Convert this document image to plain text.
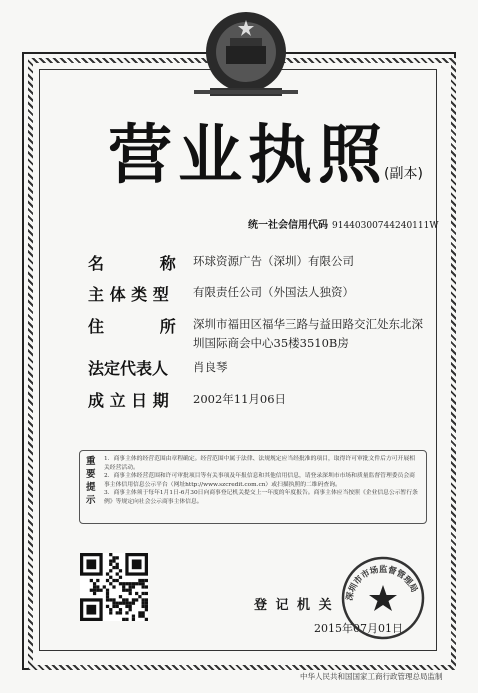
营业执照
(副本)
统一社会信用代码 91440300744240111W
名          称 环球资源广告（深圳）有限公司
主 体 类 型 有限责任公司（外国法人独资）
住          所 深圳市福田区福华三路与益田路交汇处东北深圳国际商会中心35楼3510B房
法定代表人 肖良琴
成 立 日 期 2002年11月06日
重要提示
1．商事主体的经营范围由章程确定。经营范围中属于法律、法规规定应当经批准的项目，取得许可审批文件后方可开展相关经营活动。
2．商事主体经营范围和许可审批项目等有关事项及年报信息和其他信用信息，请登录深圳市市场和质量监督管理委员会商事主体信用信息公示平台（网址http://www.szcredit.com.cn）或扫描执照的二维码查询。
3．商事主体须于每年1月1日-6月30日向商事登记机关提交上一年度的年度报告。商事主体应当按照《企业信息公示暂行条例》等规定向社会公示商事主体信息。
登 记 机 关
2015年07月01日
深圳市市场监督管理局
中华人民共和国国家工商行政管理总局监制
